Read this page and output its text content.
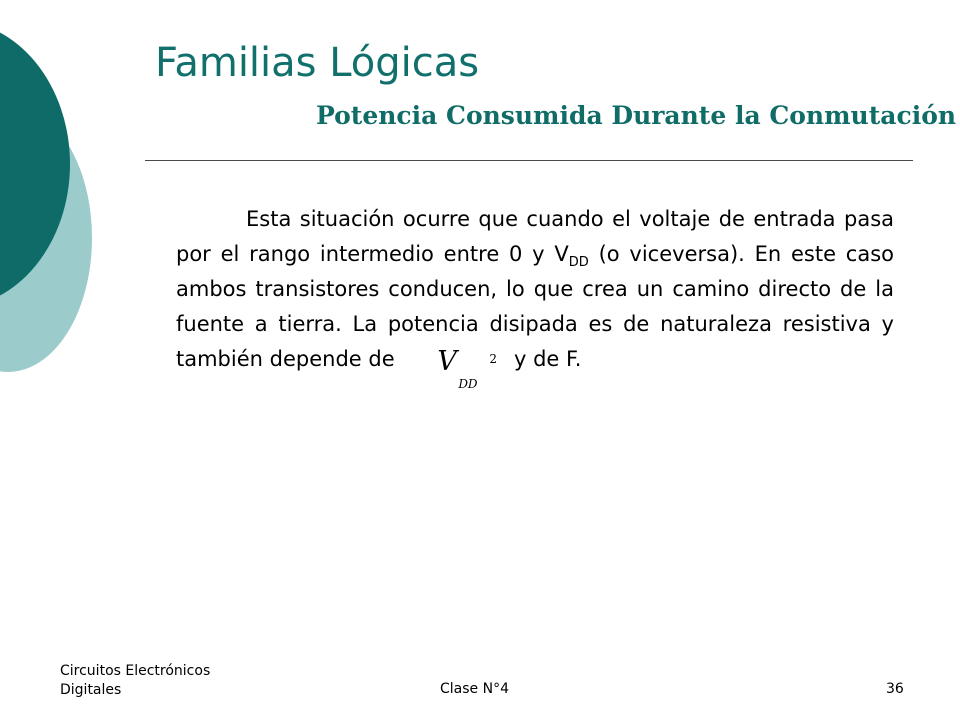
Familias Lógicas
Potencia Consumida Durante la Conmutación

Esta situación ocurre que cuando el voltaje de entrada pasa por el rango intermedio entre 0 y $V_{DD}$ (o viceversa). En este caso ambos transistores conducen, lo que crea un camino directo de la fuente a tierra. La potencia disipada es de naturaleza resistiva y también depende de V
DD
2 y de F.

Circuitos Electrónicos
Digitales	Clase N°4	36
